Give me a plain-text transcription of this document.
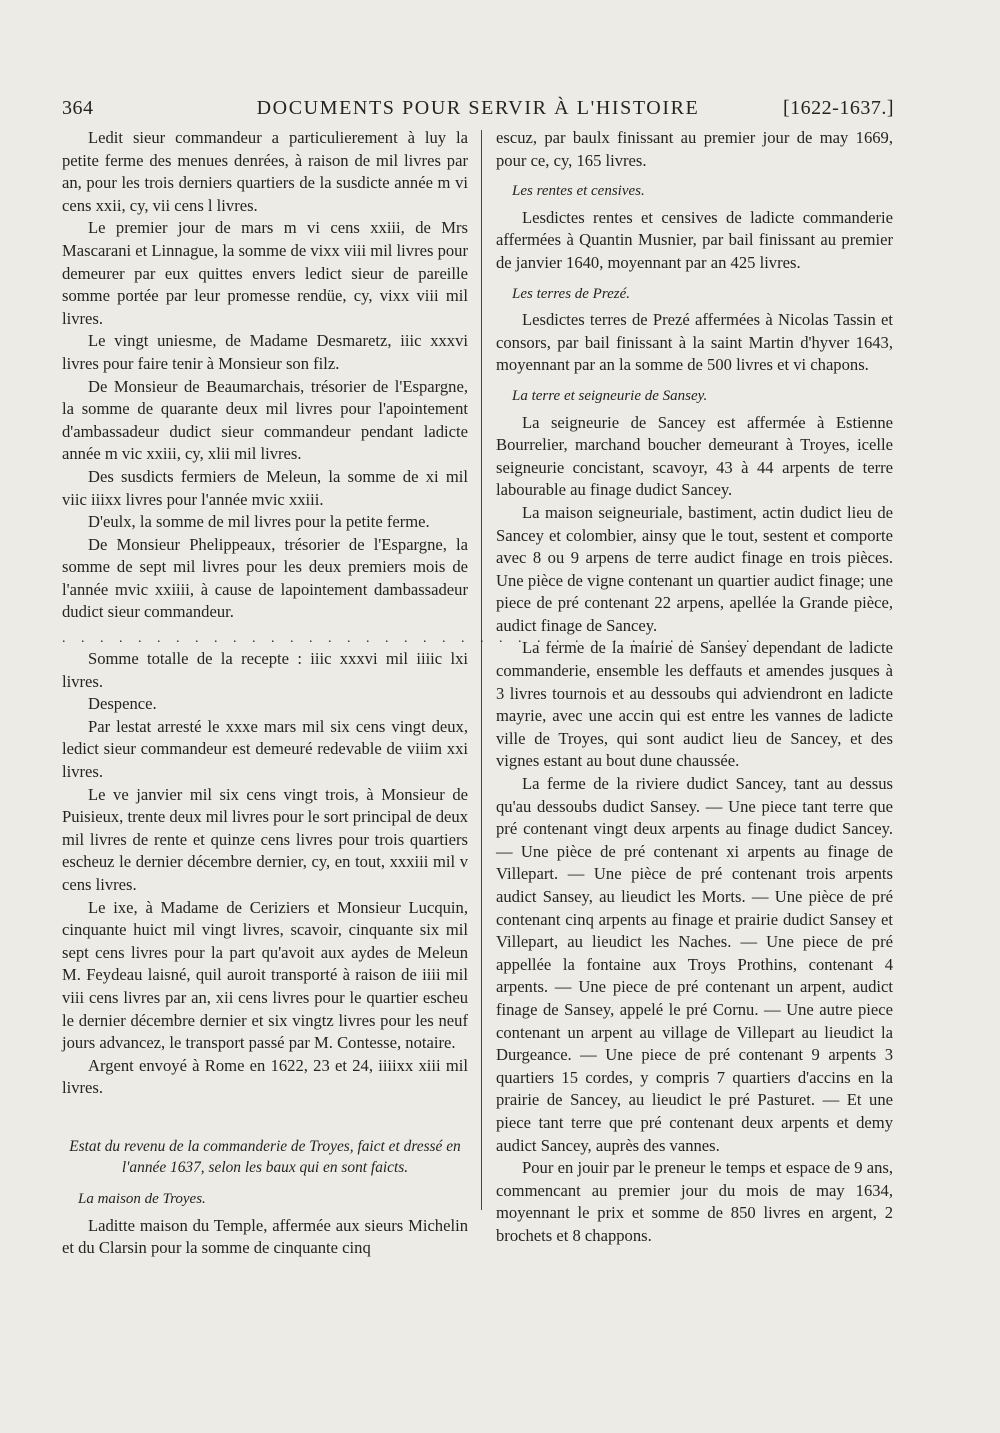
364	DOCUMENTS POUR SERVIR À L'HISTOIRE	[1622-1637.]

Ledit sieur commandeur a particulierement à luy la petite ferme des menues denrées, à raison de mil livres par an, pour les trois derniers quartiers de la susdicte année m vi cens xxii, cy, vii cens l livres.

Le premier jour de mars m vi cens xxiii, de Mrs Mascarani et Linnague, la somme de vixx viii mil livres pour demeurer par eux quittes envers ledict sieur de pareille somme portée par leur promesse rendüe, cy, vixx viii mil livres.

Le vingt uniesme, de Madame Desmaretz, iiic xxxvi livres pour faire tenir à Monsieur son filz.

De Monsieur de Beaumarchais, trésorier de l'Espargne, la somme de quarante deux mil livres pour l'apointement d'ambassadeur dudict sieur commandeur pendant ladicte année m vic xxiii, cy, xlii mil livres.

Des susdicts fermiers de Meleun, la somme de xi mil viic iiixx livres pour l'année mvic xxiii.

D'eulx, la somme de mil livres pour la petite ferme.

De Monsieur Phelippeaux, trésorier de l'Espargne, la somme de sept mil livres pour les deux premiers mois de l'année mvic xxiiii, à cause de lapointement dambassadeur dudict sieur commandeur.

. . . . . . . . . . . . . . . . . . . . . . . . . . . . . . . . . . . . .

Somme totalle de la recepte : iiic xxxvi mil iiiic lxi livres.

Despence.

Par lestat arresté le xxxe mars mil six cens vingt deux, ledict sieur commandeur est demeuré redevable de viiim xxi livres.

Le ve janvier mil six cens vingt trois, à Monsieur de Puisieux, trente deux mil livres pour le sort principal de deux mil livres de rente et quinze cens livres pour trois quartiers escheuz le dernier décembre dernier, cy, en tout, xxxiii mil v cens livres.

Le ixe, à Madame de Ceriziers et Monsieur Lucquin, cinquante huict mil vingt livres, scavoir, cinquante six mil sept cens livres pour la part qu'avoit aux aydes de Meleun M. Feydeau laisné, quil auroit transporté à raison de iiii mil viii cens livres par an, xii cens livres pour le quartier escheu le dernier décembre dernier et six vingtz livres pour les neuf jours advancez, le transport passé par M. Contesse, notaire.

Argent envoyé à Rome en 1622, 23 et 24, iiiixx xiii mil livres.

Estat du revenu de la commanderie de Troyes, faict et dressé en l'année 1637, selon les baux qui en sont faicts.

La maison de Troyes.

Laditte maison du Temple, affermée aux sieurs Michelin et du Clarsin pour la somme de cinquante cinq

escuz, par baulx finissant au premier jour de may 1669, pour ce, cy, 165 livres.

Les rentes et censives.

Lesdictes rentes et censives de ladicte commanderie affermées à Quantin Musnier, par bail finissant au premier de janvier 1640, moyennant par an 425 livres.

Les terres de Prezé.

Lesdictes terres de Prezé affermées à Nicolas Tassin et consors, par bail finissant à la saint Martin d'hyver 1643, moyennant par an la somme de 500 livres et vi chapons.

La terre et seigneurie de Sansey.

La seigneurie de Sancey est affermée à Estienne Bourrelier, marchand boucher demeurant à Troyes, icelle seigneurie concistant, scavoyr, 43 à 44 arpents de terre labourable au finage dudict Sancey.

La maison seigneuriale, bastiment, actin dudict lieu de Sancey et colombier, ainsy que le tout, sestent et comporte avec 8 ou 9 arpens de terre audict finage en trois pièces. Une pièce de vigne contenant un quartier audict finage; une piece de pré contenant 22 arpens, apellée la Grande pièce, audict finage de Sancey.

La ferme de la mairie de Sansey dependant de ladicte commanderie, ensemble les deffauts et amendes jusques à 3 livres tournois et au dessoubs qui adviendront en ladicte mayrie, avec une accin qui est entre les vannes de ladicte ville de Troyes, qui sont audict lieu de Sancey, et des vignes estant au bout dune chaussée.

La ferme de la riviere dudict Sancey, tant au dessus qu'au dessoubs dudict Sansey. — Une piece tant terre que pré contenant vingt deux arpents au finage dudict Sancey. — Une pièce de pré contenant xi arpents au finage de Villepart. — Une pièce de pré contenant trois arpents audict Sansey, au lieudict les Morts. — Une pièce de pré contenant cinq arpents au finage et prairie dudict Sansey et Villepart, au lieudict les Naches. — Une piece de pré appellée la fontaine aux Troys Prothins, contenant 4 arpents. — Une piece de pré contenant un arpent, audict finage de Sansey, appelé le pré Cornu. — Une autre piece contenant un arpent au village de Villepart au lieudict la Durgeance. — Une piece de pré contenant 9 arpents 3 quartiers 15 cordes, y compris 7 quartiers d'accins en la prairie de Sancey, au lieudict le pré Pasturet. — Et une piece tant terre que pré contenant deux arpents et demy audict Sancey, auprès des vannes.

Pour en jouir par le preneur le temps et espace de 9 ans, commencant au premier jour du mois de may 1634, moyennant le prix et somme de 850 livres en argent, 2 brochets et 8 chappons.
